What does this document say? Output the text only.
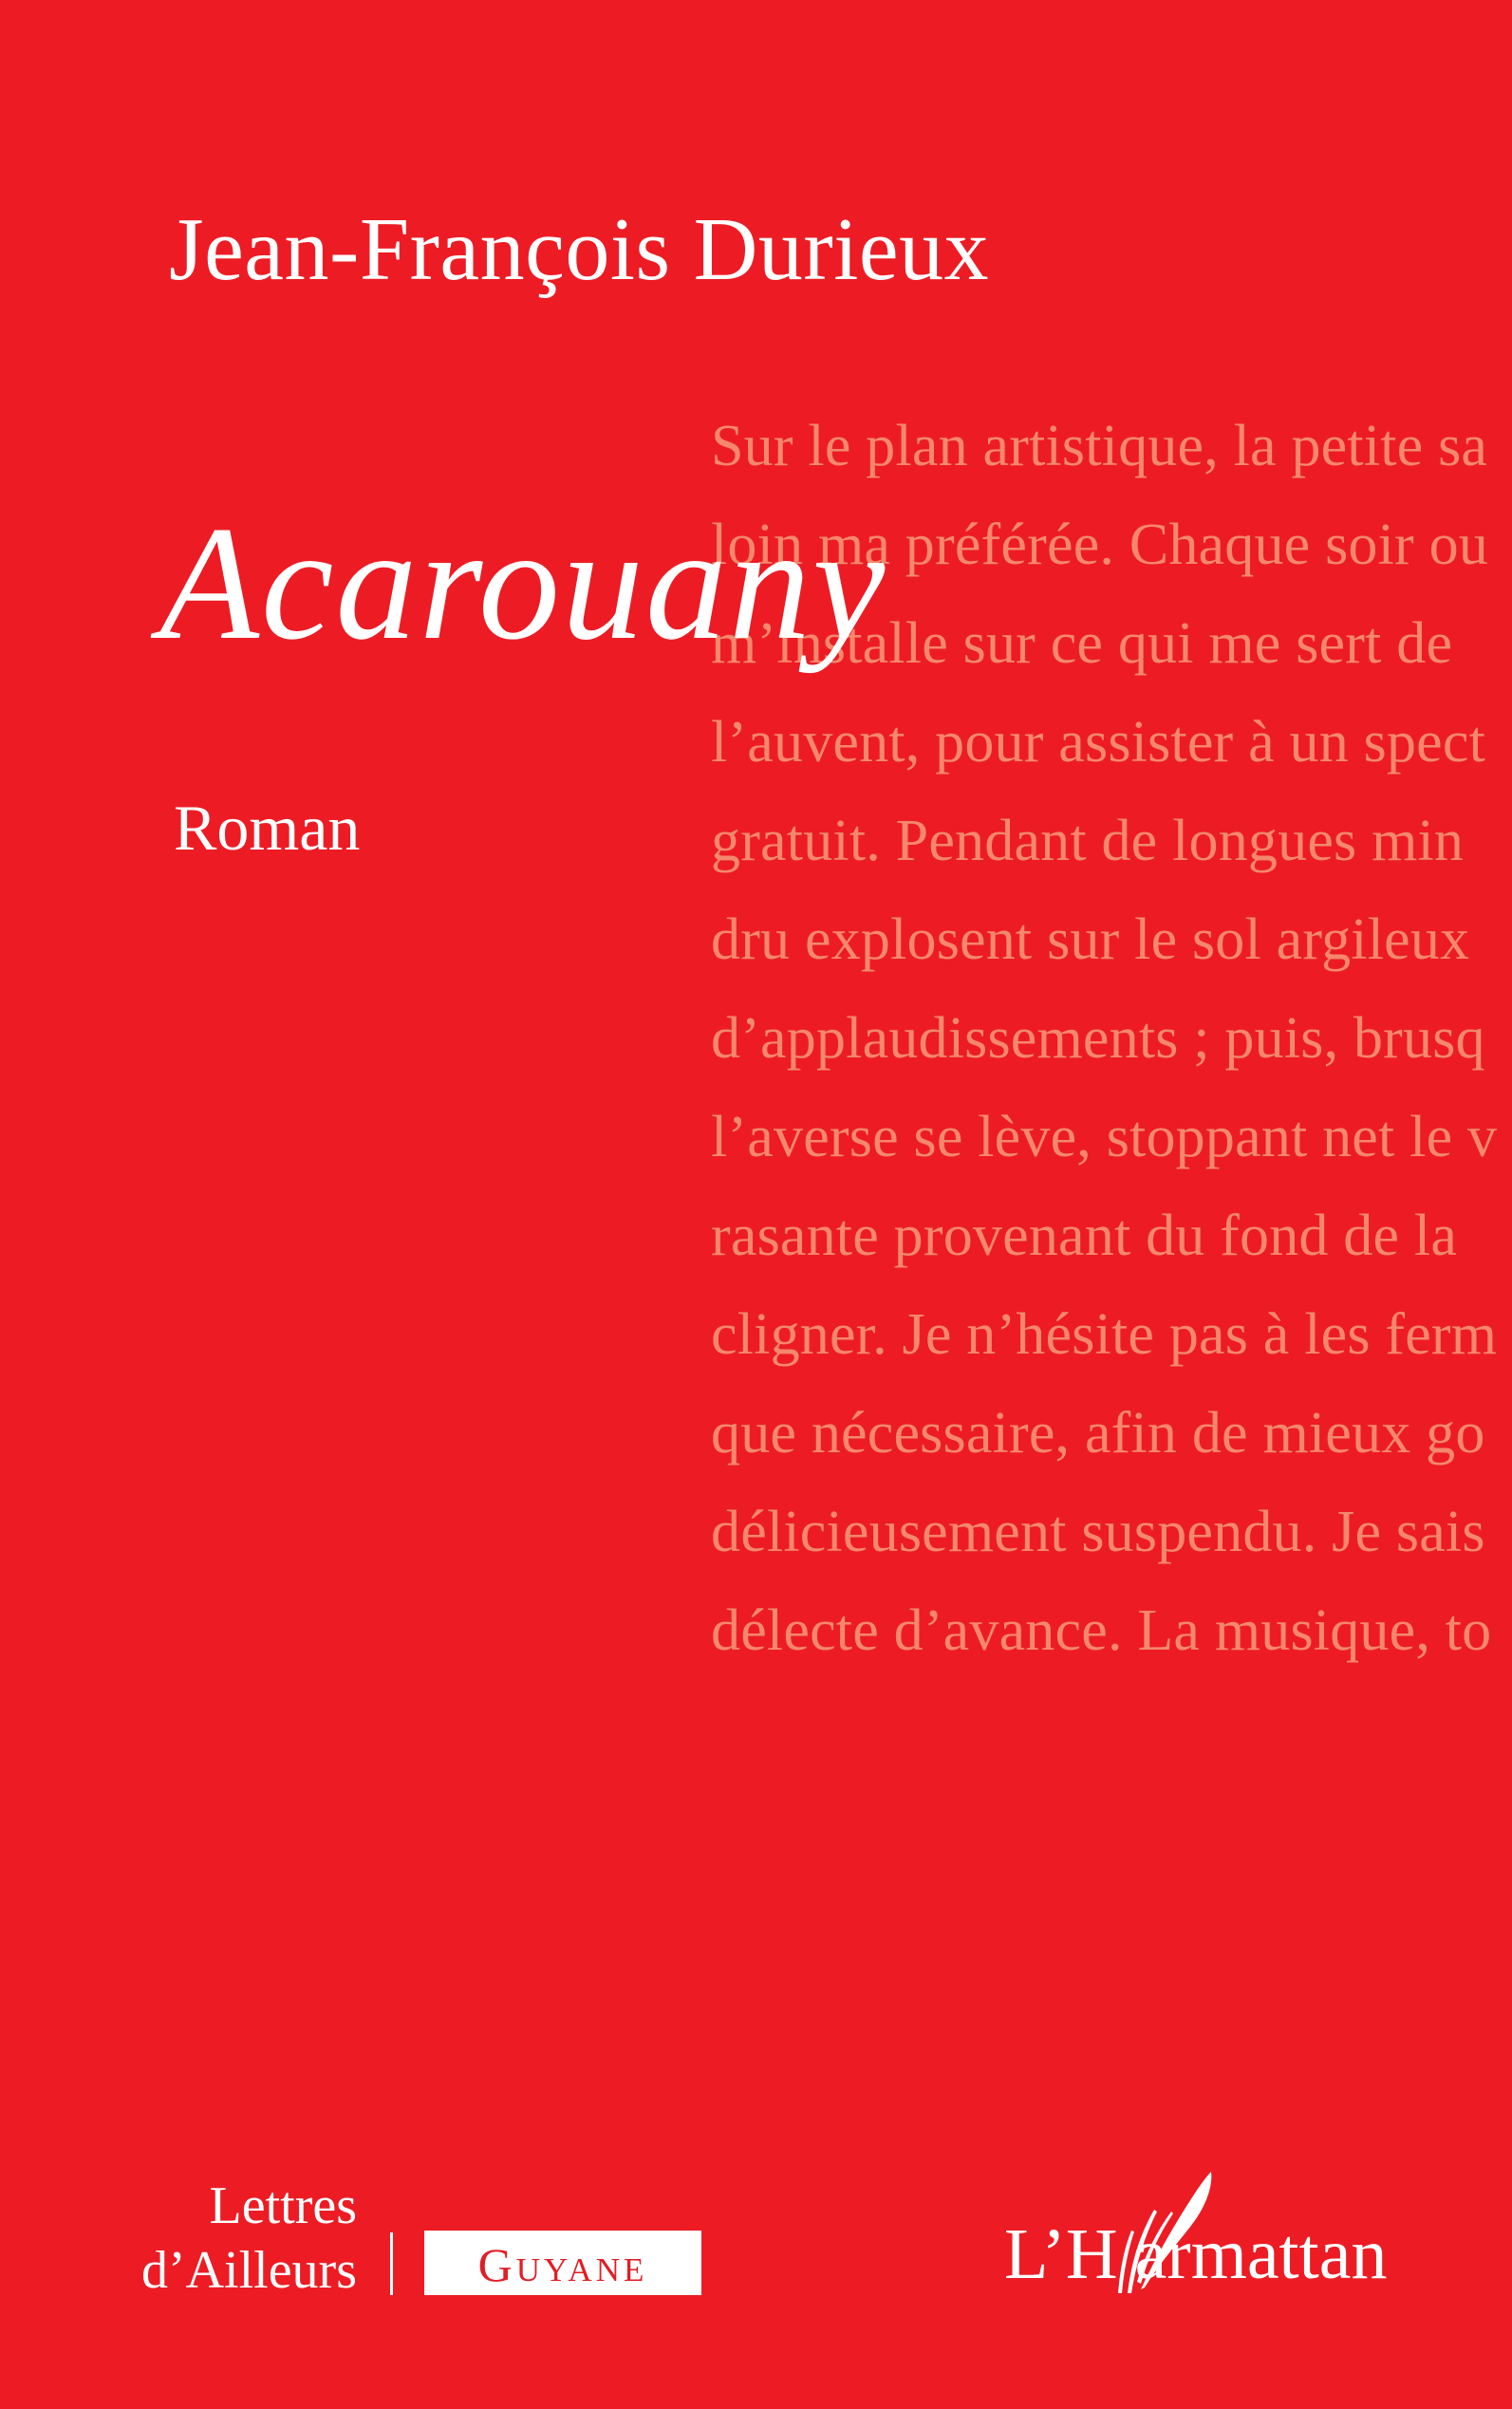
Sur le plan artistique, la petite sa
loin ma préférée. Chaque soir ou
m’installe sur ce qui me sert de
l’auvent, pour assister à un spect
gratuit. Pendant de longues min
dru explosent sur le sol argileux
d’applaudissements ; puis, brusq
l’averse se lève, stoppant net le v
rasante provenant du fond de la
cligner. Je n’hésite pas à les ferm
que nécessaire, afin de mieux go
délicieusement suspendu. Je sais
délecte d’avance. La musique, to
Jean-François Durieux
Acarouany
Roman
Lettres
d’Ailleurs	Guyane	L’H armattan
